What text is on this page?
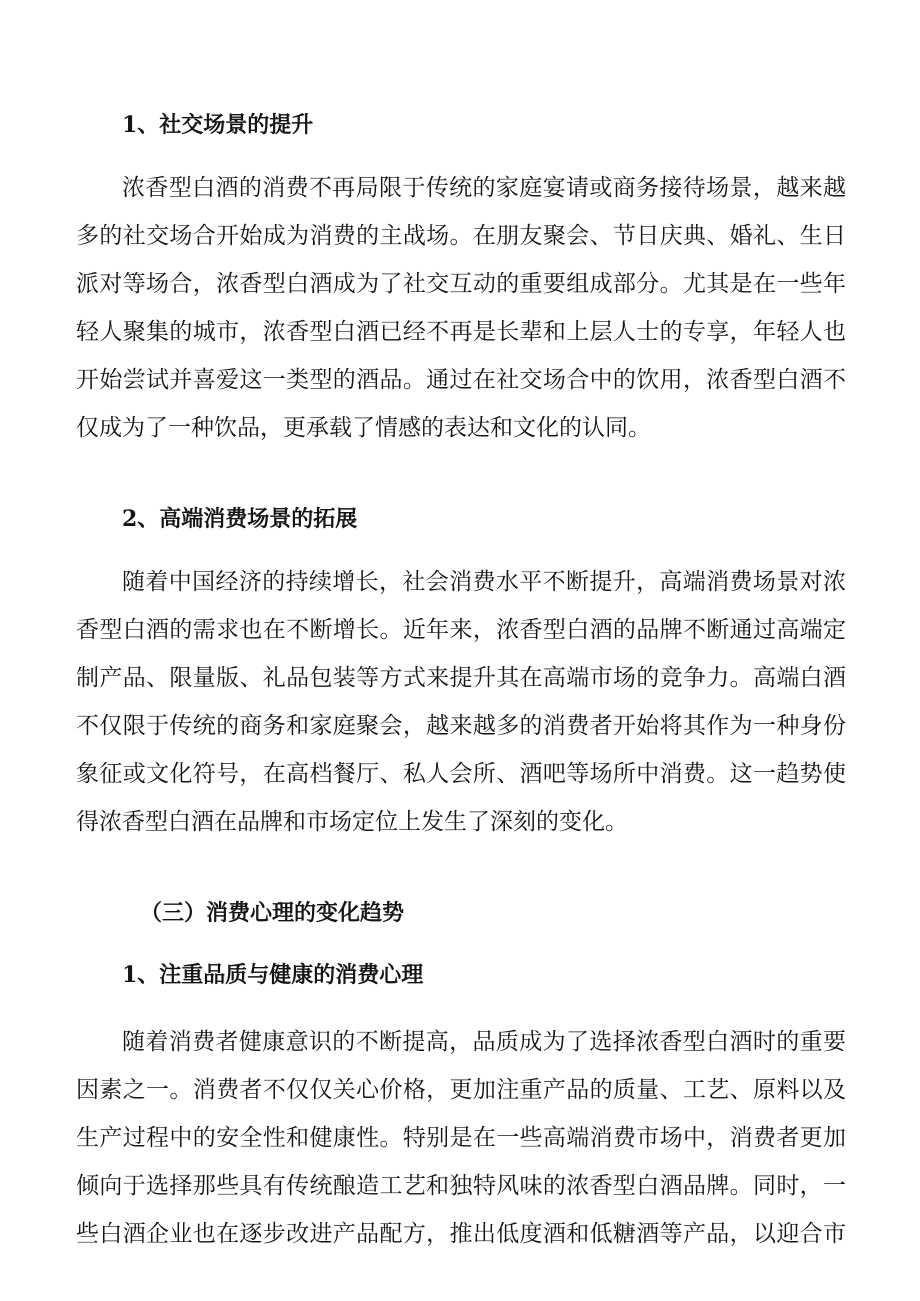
1、社交场景的提升
浓香型白酒的消费不再局限于传统的家庭宴请或商务接待场景，越来越
多的社交场合开始成为消费的主战场。在朋友聚会、节日庆典、婚礼、生日
派对等场合，浓香型白酒成为了社交互动的重要组成部分。尤其是在一些年
轻人聚集的城市，浓香型白酒已经不再是长辈和上层人士的专享，年轻人也
开始尝试并喜爱这一类型的酒品。通过在社交场合中的饮用，浓香型白酒不
仅成为了一种饮品，更承载了情感的表达和文化的认同。
2、高端消费场景的拓展
随着中国经济的持续增长，社会消费水平不断提升，高端消费场景对浓
香型白酒的需求也在不断增长。近年来，浓香型白酒的品牌不断通过高端定
制产品、限量版、礼品包装等方式来提升其在高端市场的竞争力。高端白酒
不仅限于传统的商务和家庭聚会，越来越多的消费者开始将其作为一种身份
象征或文化符号，在高档餐厅、私人会所、酒吧等场所中消费。这一趋势使
得浓香型白酒在品牌和市场定位上发生了深刻的变化。
（三）消费心理的变化趋势
1、注重品质与健康的消费心理
随着消费者健康意识的不断提高，品质成为了选择浓香型白酒时的重要
因素之一。消费者不仅仅关心价格，更加注重产品的质量、工艺、原料以及
生产过程中的安全性和健康性。特别是在一些高端消费市场中，消费者更加
倾向于选择那些具有传统酿造工艺和独特风味的浓香型白酒品牌。同时，一
些白酒企业也在逐步改进产品配方，推出低度酒和低糖酒等产品，以迎合市
